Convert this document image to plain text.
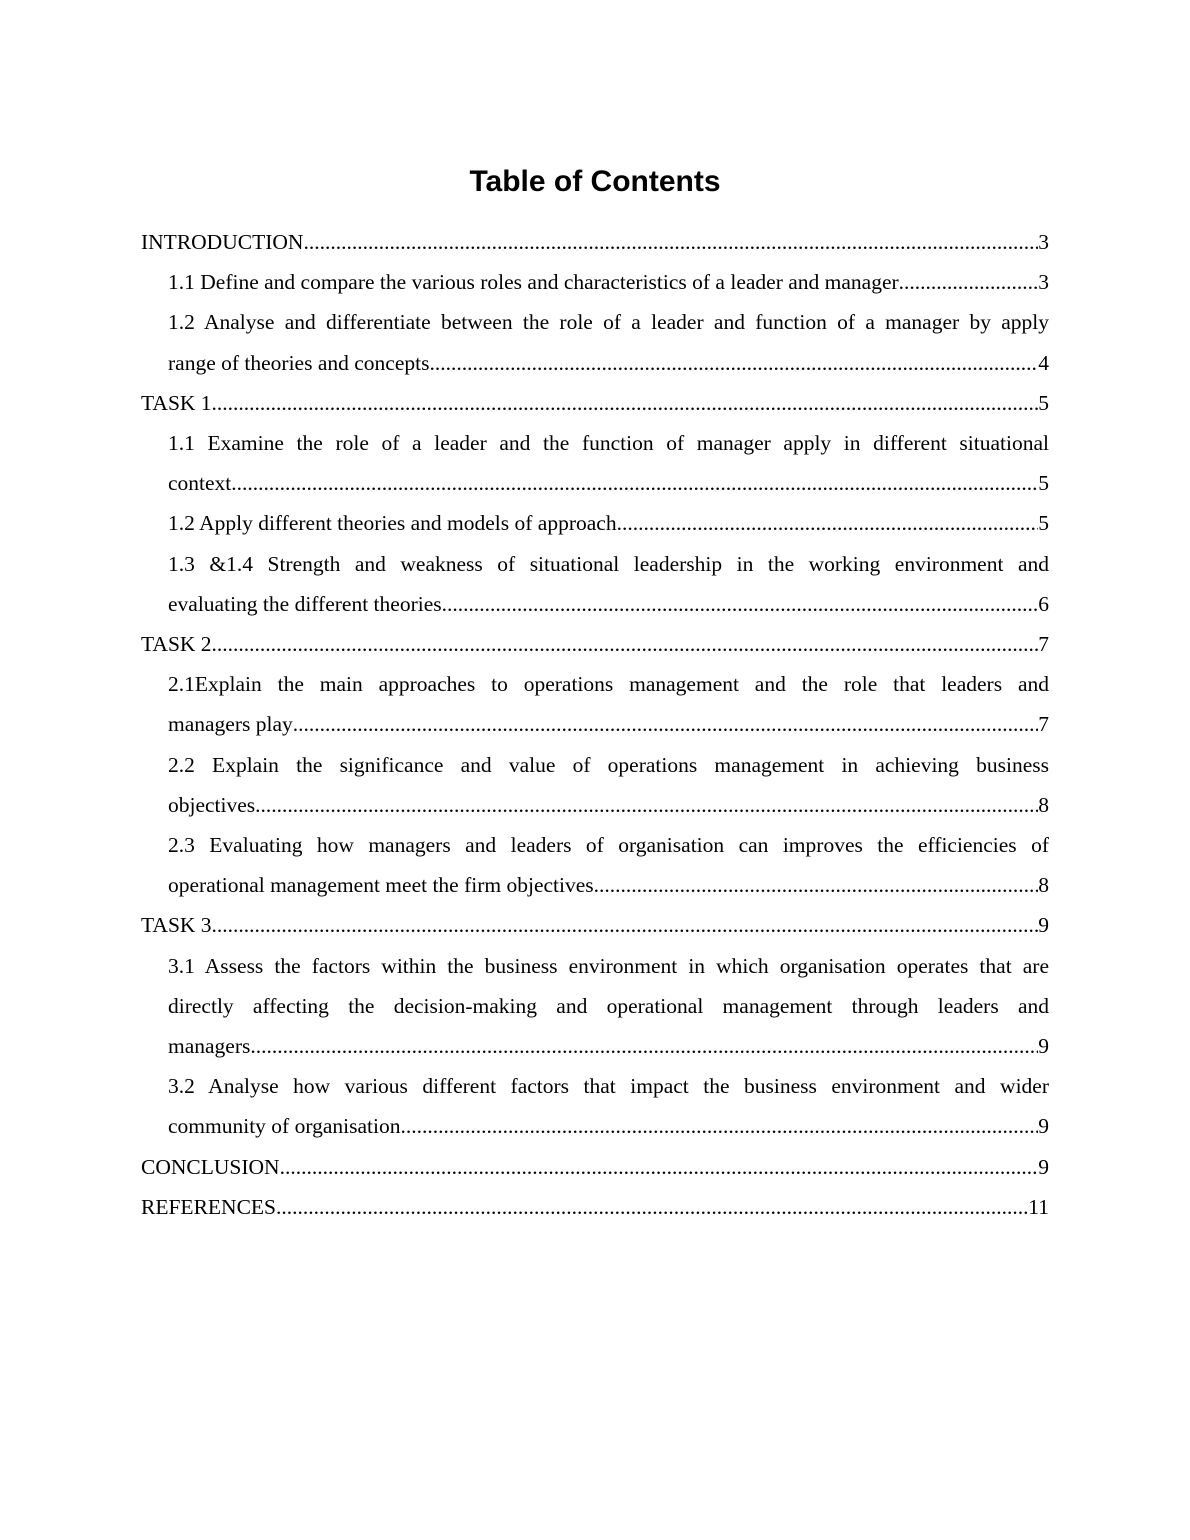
Table of Contents
INTRODUCTION .....	3
1.1 Define and compare the various roles and characteristics of a leader and manager .....	3
1.2 Analyse and differentiate between the role of a leader and function of a manager by apply
range of theories and concepts .....	4
TASK 1 .....	5
1.1 Examine the role of a leader and the function of manager apply in different situational
context .....	5
1.2 Apply different theories and models of approach .....	5
1.3 &1.4 Strength and weakness of situational leadership in the working environment and
evaluating the different theories .....	6
TASK 2 .....	7
2.1Explain the main approaches to operations management and the role that leaders and
managers play .....	7
2.2 Explain the significance and value of operations management in achieving business
objectives .....	8
2.3 Evaluating how managers and leaders of organisation can improves the efficiencies of
operational management meet the firm objectives .....	8
TASK 3 .....	9
3.1 Assess the factors within the business environment in which organisation operates that are
directly affecting the decision-making and operational management through leaders and
managers .....	9
3.2 Analyse how various different factors that impact the business environment and wider
community of organisation .....	9
CONCLUSION .....	9
REFERENCES .....	11
